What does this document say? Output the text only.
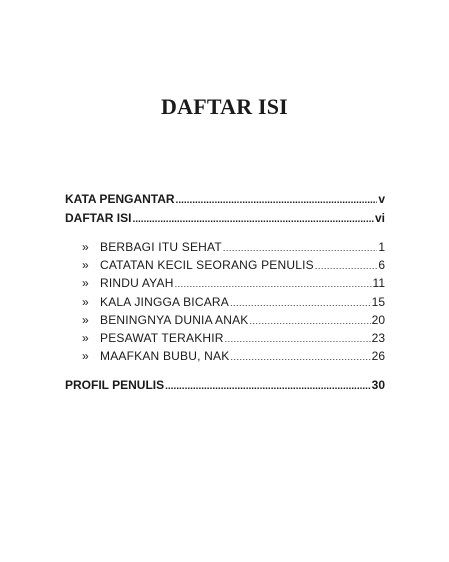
DAFTAR ISI
KATA PENGANTAR .....	v
DAFTAR ISI .....	vi
» BERBAGI ITU SEHAT .....	1
» CATATAN KECIL SEORANG PENULIS .....	6
» RINDU AYAH .....	11
» KALA JINGGA BICARA .....	15
» BENINGNYA DUNIA ANAK .....	20
» PESAWAT TERAKHIR .....	23
» MAAFKAN BUBU, NAK .....	26
PROFIL PENULIS .....	30
